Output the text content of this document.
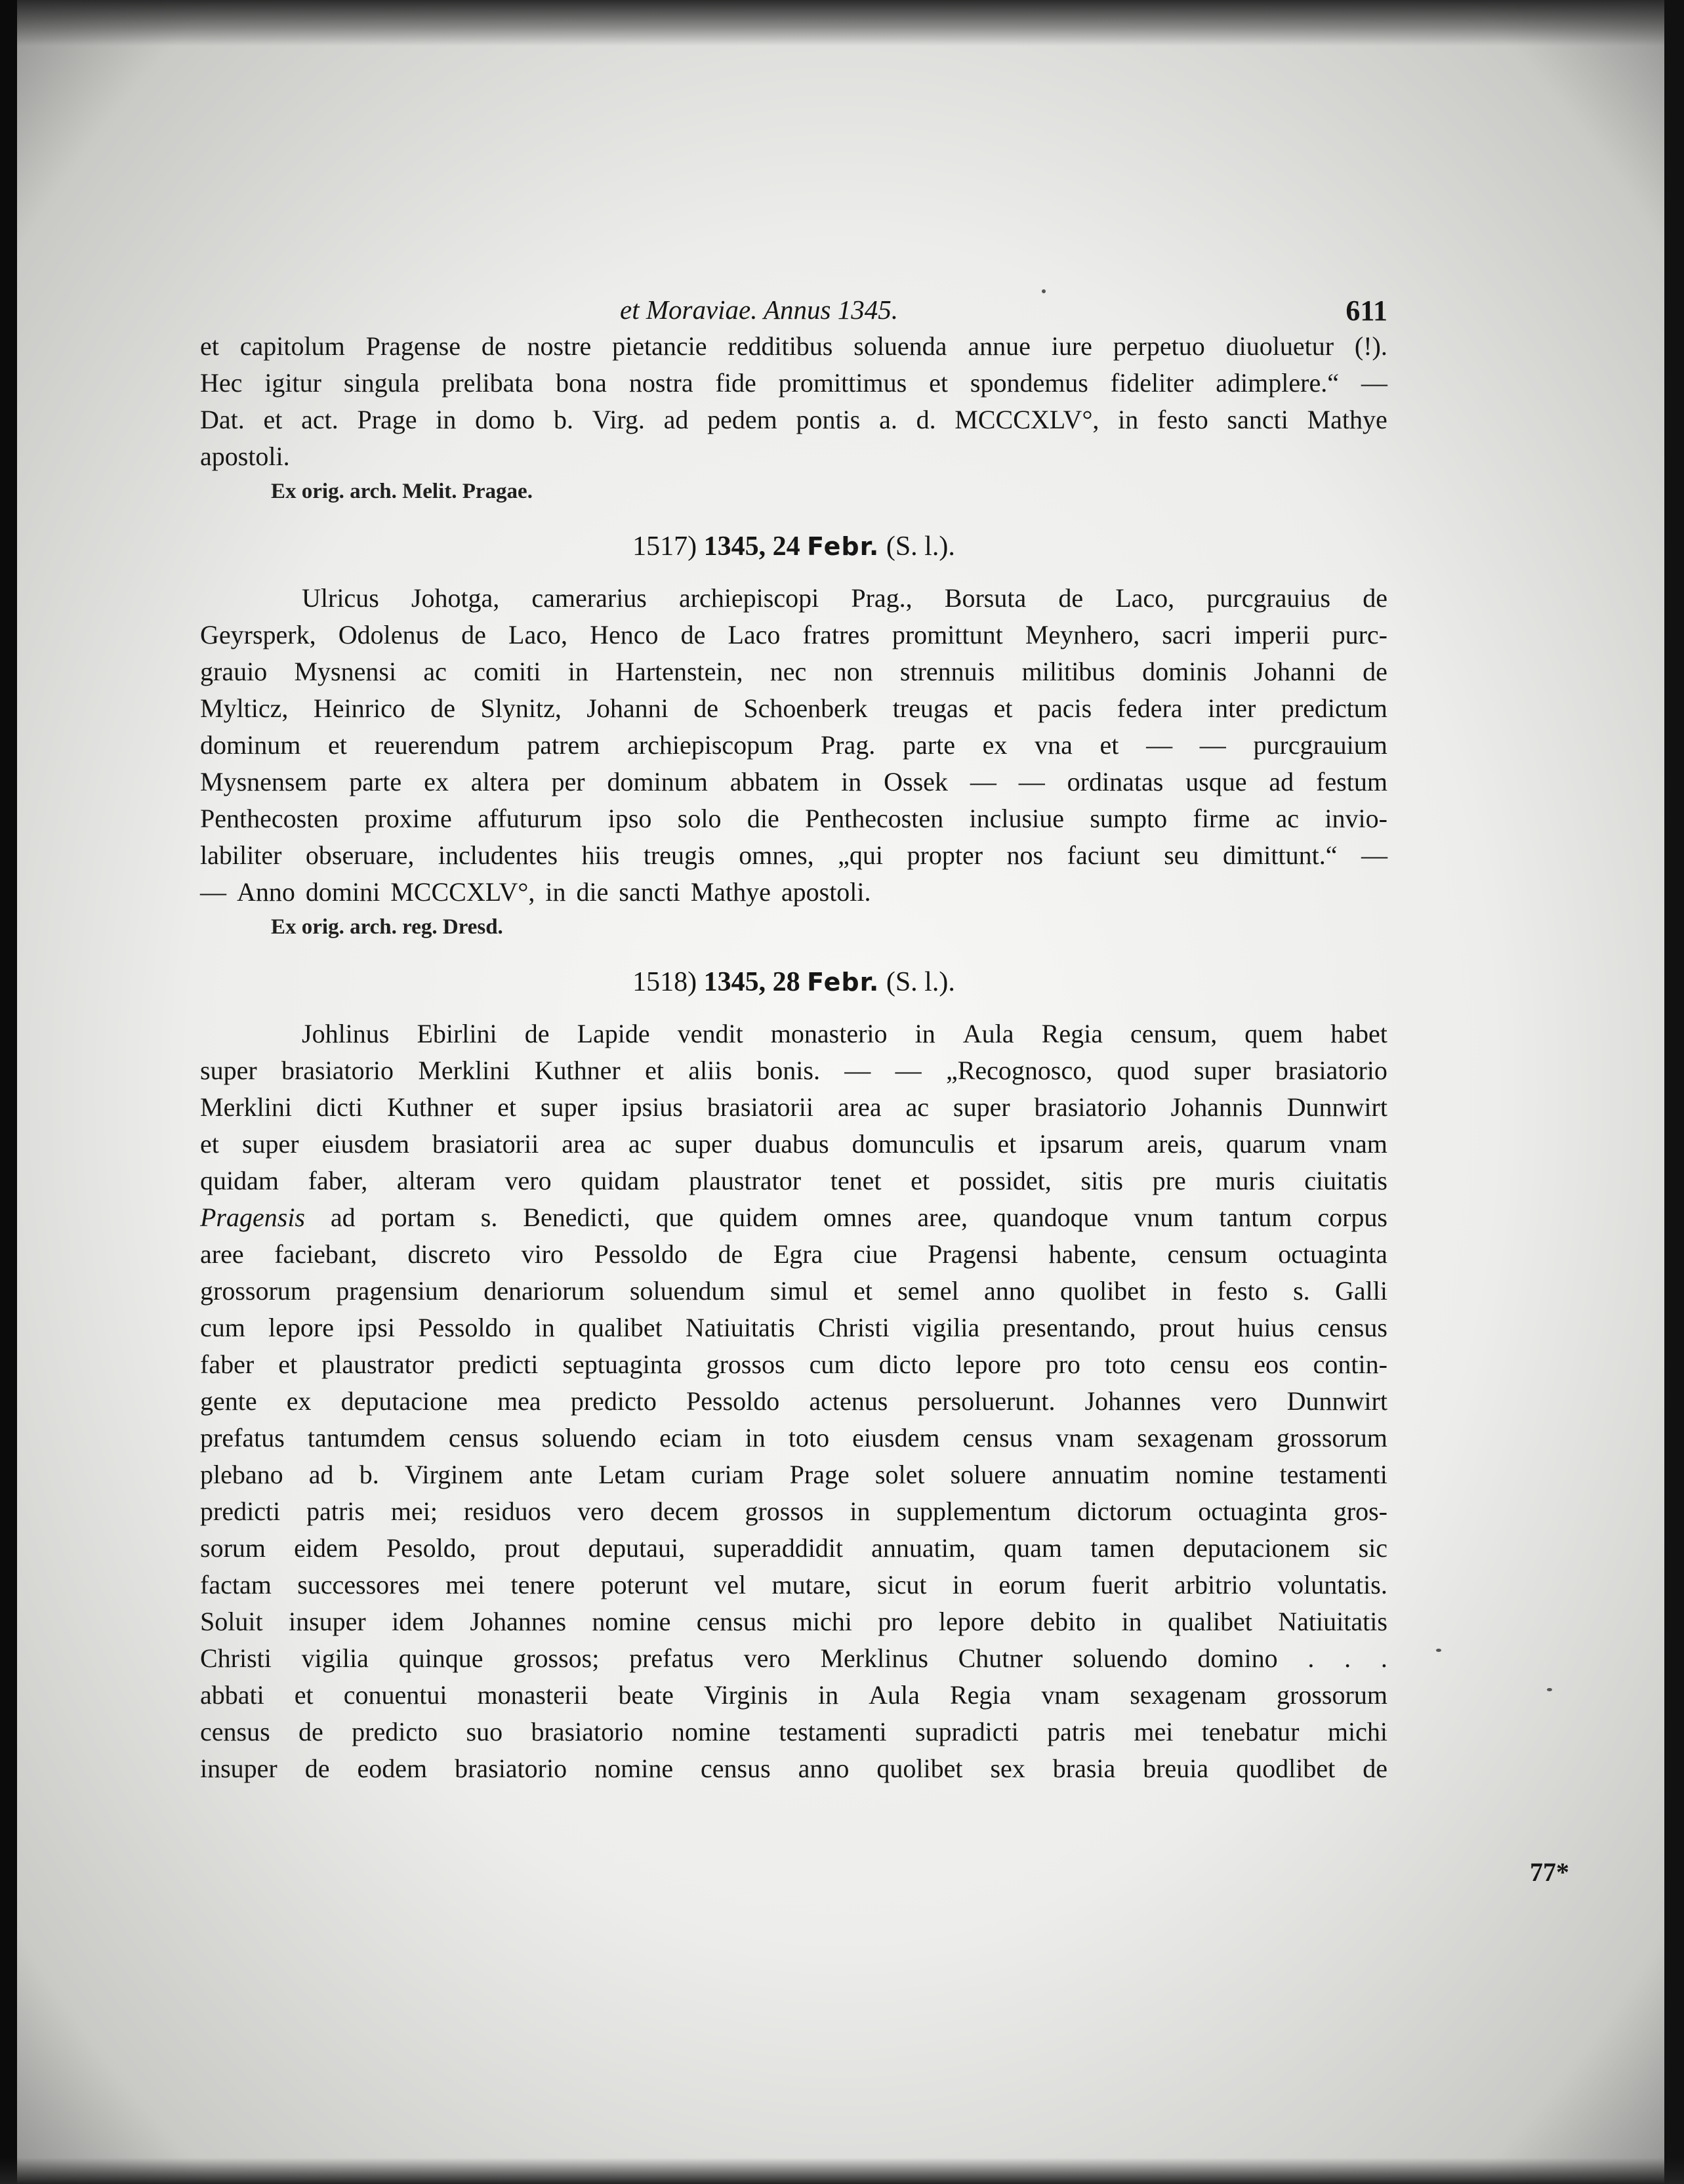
et Moraviae. Annus 1345.	611
et capitolum Pragense de nostre pietancie redditibus soluenda annue iure perpetuo diuoluetur (!).
Hec igitur singula prelibata bona nostra fide promittimus et spondemus fideliter adimplere.“ —
Dat. et act. Prage in domo b. Virg. ad pedem pontis a. d. MCCCXLV°, in festo sancti Mathye
apostoli.
Ex orig. arch. Melit. Pragae.
1517) 1345, 24 Febr. (S. l.).
Ulricus Johotga, camerarius archiepiscopi Prag., Borsuta de Laco, purcgrauius de
Geyrsperk, Odolenus de Laco, Henco de Laco fratres promittunt Meynhero, sacri imperii purc-
grauio Mysnensi ac comiti in Hartenstein, nec non strennuis militibus dominis Johanni de
Mylticz, Heinrico de Slynitz, Johanni de Schoenberk treugas et pacis federa inter predictum
dominum et reuerendum patrem archiepiscopum Prag. parte ex vna et — — purcgrauium
Mysnensem parte ex altera per dominum abbatem in Ossek — — ordinatas usque ad festum
Penthecosten proxime affuturum ipso solo die Penthecosten inclusiue sumpto firme ac invio-
labiliter obseruare, includentes hiis treugis omnes, „qui propter nos faciunt seu dimittunt.“ —
— Anno domini MCCCXLV°, in die sancti Mathye apostoli.
Ex orig. arch. reg. Dresd.
1518) 1345, 28 Febr. (S. l.).
Johlinus Ebirlini de Lapide vendit monasterio in Aula Regia censum, quem habet
super brasiatorio Merklini Kuthner et aliis bonis. — — „Recognosco, quod super brasiatorio
Merklini dicti Kuthner et super ipsius brasiatorii area ac super brasiatorio Johannis Dunnwirt
et super eiusdem brasiatorii area ac super duabus domunculis et ipsarum areis, quarum vnam
quidam faber, alteram vero quidam plaustrator tenet et possidet, sitis pre muris ciuitatis
Pragensis ad portam s. Benedicti, que quidem omnes aree, quandoque vnum tantum corpus
aree faciebant, discreto viro Pessoldo de Egra ciue Pragensi habente, censum octuaginta
grossorum pragensium denariorum soluendum simul et semel anno quolibet in festo s. Galli
cum lepore ipsi Pessoldo in qualibet Natiuitatis Christi vigilia presentando, prout huius census
faber et plaustrator predicti septuaginta grossos cum dicto lepore pro toto censu eos contin-
gente ex deputacione mea predicto Pessoldo actenus persoluerunt. Johannes vero Dunnwirt
prefatus tantumdem census soluendo eciam in toto eiusdem census vnam sexagenam grossorum
plebano ad b. Virginem ante Letam curiam Prage solet soluere annuatim nomine testamenti
predicti patris mei; residuos vero decem grossos in supplementum dictorum octuaginta gros-
sorum eidem Pesoldo, prout deputaui, superaddidit annuatim, quam tamen deputacionem sic
factam successores mei tenere poterunt vel mutare, sicut in eorum fuerit arbitrio voluntatis.
Soluit insuper idem Johannes nomine census michi pro lepore debito in qualibet Natiuitatis
Christi vigilia quinque grossos; prefatus vero Merklinus Chutner soluendo domino . . .
abbati et conuentui monasterii beate Virginis in Aula Regia vnam sexagenam grossorum
census de predicto suo brasiatorio nomine testamenti supradicti patris mei tenebatur michi
insuper de eodem brasiatorio nomine census anno quolibet sex brasia breuia quodlibet de
77*
